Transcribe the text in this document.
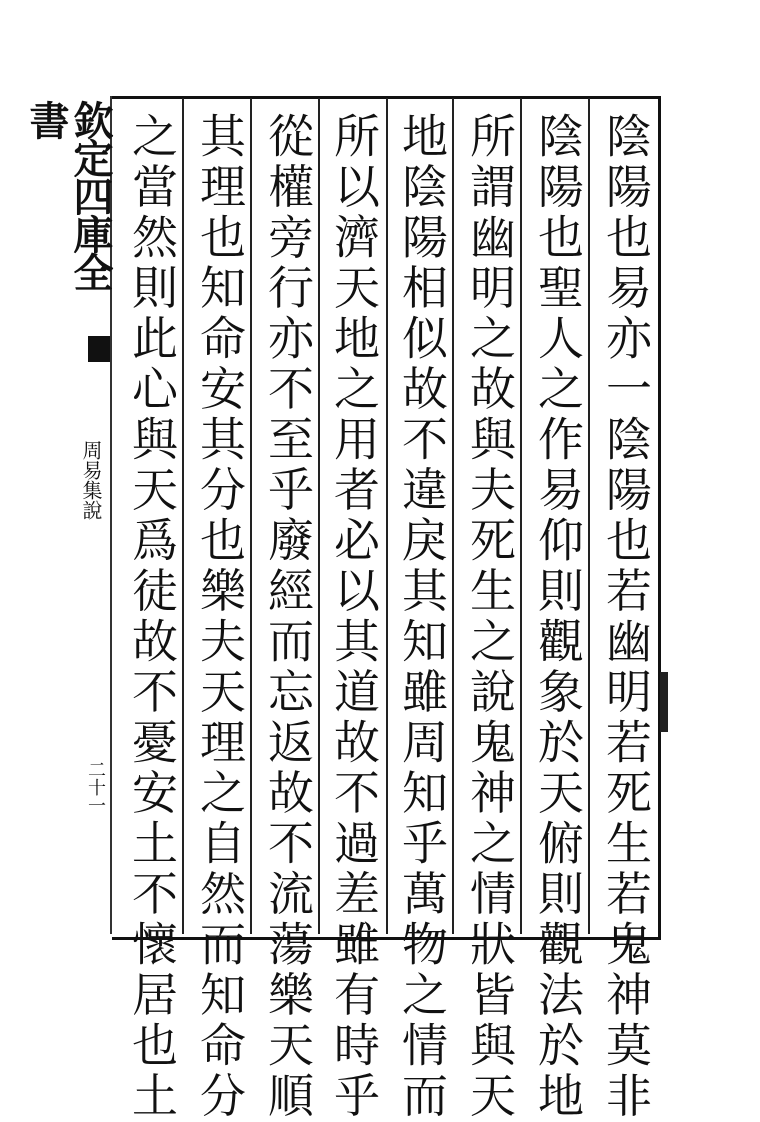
陰陽也易亦一陰陽也若幽明若死生若鬼神莫非
陰陽也聖人之作易仰則觀象於天俯則觀法於地
所謂幽明之故與夫死生之說鬼神之情狀皆與天
地陰陽相似故不違戾其知雖周知乎萬物之情而
所以濟天地之用者必以其道故不過差雖有時乎
從權旁行亦不至乎廢經而忘返故不流蕩樂天順
其理也知命安其分也樂夫天理之自然而知命分
之當然則此心與天爲徒故不憂安土不懷居也土
欽定四庫全書
周易集說
二十一
